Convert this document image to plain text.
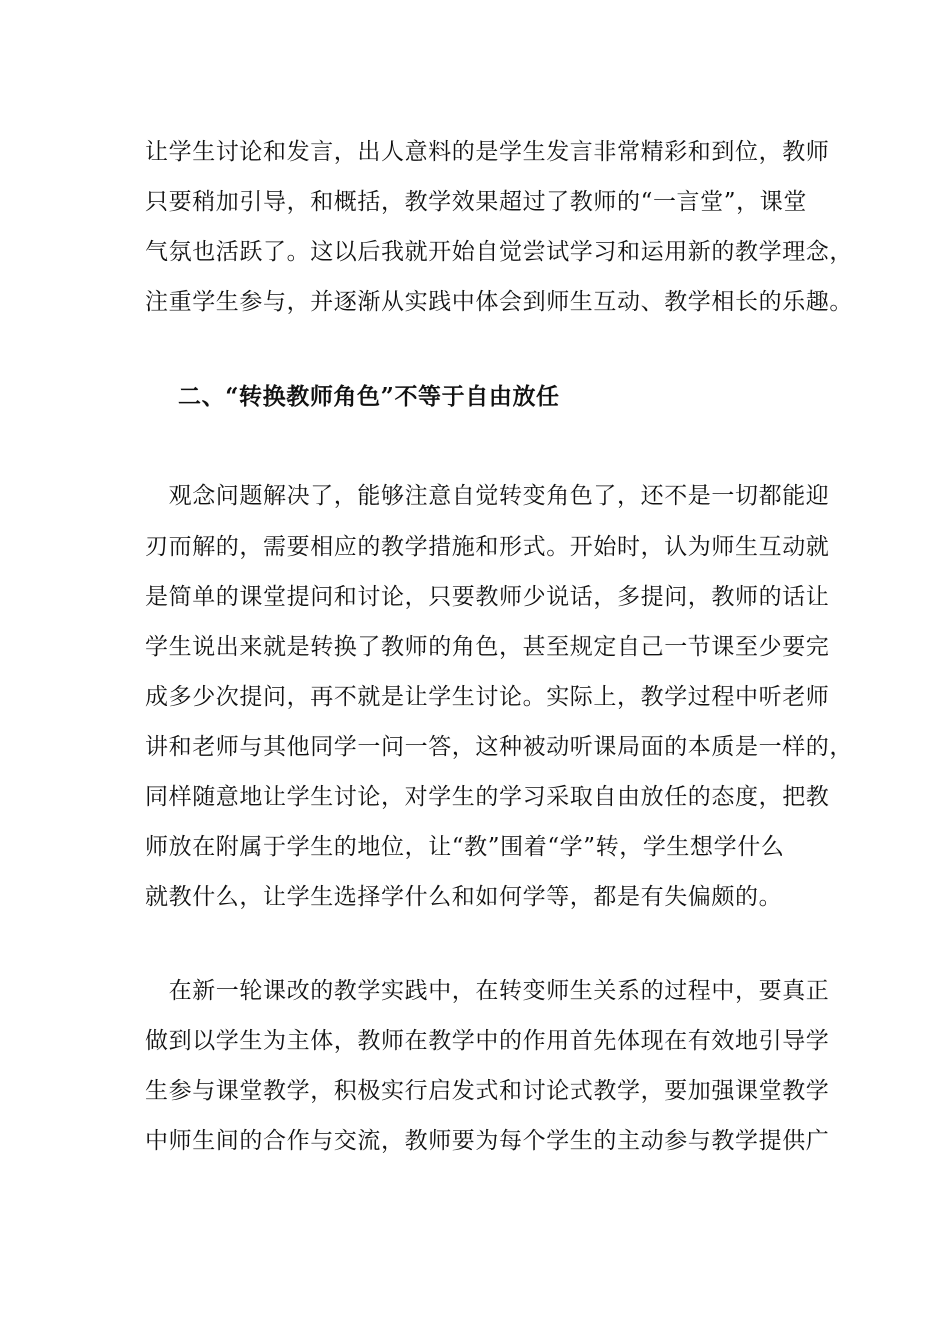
让学生讨论和发言，出人意料的是学生发言非常精彩和到位，教师
只要稍加引导，和概括，教学效果超过了教师的“一言堂”，课堂
气氛也活跃了。这以后我就开始自觉尝试学习和运用新的教学理念，
注重学生参与，并逐渐从实践中体会到师生互动、教学相长的乐趣。
二、“转换教师角色”不等于自由放任
　观念问题解决了，能够注意自觉转变角色了，还不是一切都能迎
刃而解的，需要相应的教学措施和形式。开始时，认为师生互动就
是简单的课堂提问和讨论，只要教师少说话，多提问，教师的话让
学生说出来就是转换了教师的角色，甚至规定自己一节课至少要完
成多少次提问，再不就是让学生讨论。实际上，教学过程中听老师
讲和老师与其他同学一问一答，这种被动听课局面的本质是一样的，
同样随意地让学生讨论，对学生的学习采取自由放任的态度，把教
师放在附属于学生的地位，让“教”围着“学”转，学生想学什么
就教什么，让学生选择学什么和如何学等，都是有失偏颇的。
　在新一轮课改的教学实践中，在转变师生关系的过程中，要真正
做到以学生为主体，教师在教学中的作用首先体现在有效地引导学
生参与课堂教学，积极实行启发式和讨论式教学，要加强课堂教学
中师生间的合作与交流，教师要为每个学生的主动参与教学提供广
